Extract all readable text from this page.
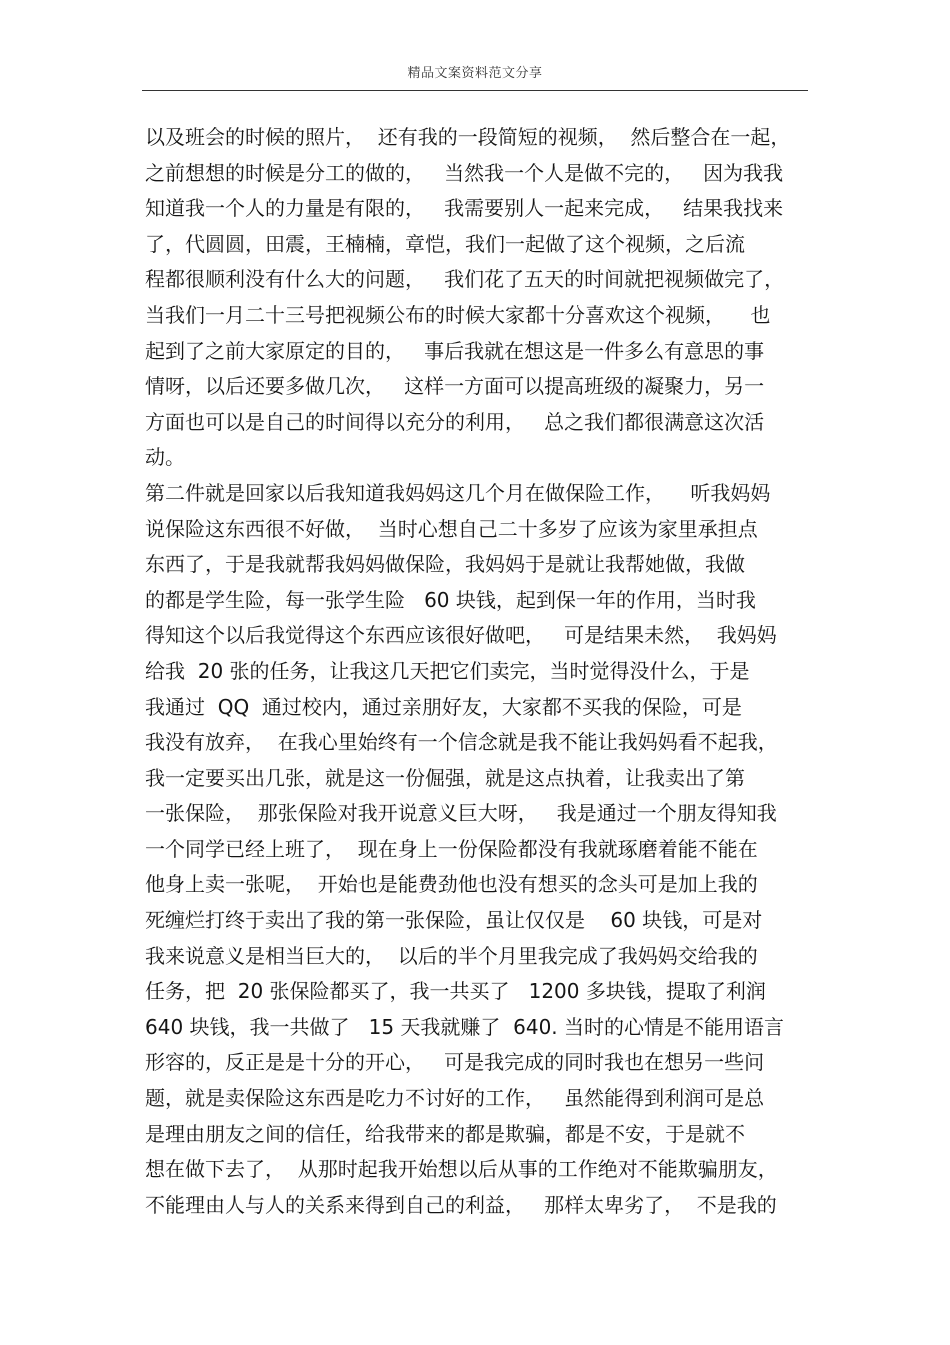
精品文案资料范文分享
以及班会的时候的照片，  还有我的一段简短的视频，  然后整合在一起，
之前想想的时候是分工的做的，   当然我一个人是做不完的，   因为我我
知道我一个人的力量是有限的，   我需要别人一起来完成，   结果我找来
了，代圆圆，田震，王楠楠，章恺，我们一起做了这个视频，之后流
程都很顺利没有什么大的问题，   我们花了五天的时间就把视频做完了，
当我们一月二十三号把视频公布的时候大家都十分喜欢这个视频，    也
起到了之前大家原定的目的，   事后我就在想这是一件多么有意思的事
情呀，以后还要多做几次，   这样一方面可以提高班级的凝聚力，另一
方面也可以是自己的时间得以充分的利用，   总之我们都很满意这次活
动。
第二件就是回家以后我知道我妈妈这几个月在做保险工作，    听我妈妈
说保险这东西很不好做，  当时心想自己二十多岁了应该为家里承担点
东西了，于是我就帮我妈妈做保险，我妈妈于是就让我帮她做，我做
的都是学生险，每一张学生险   60 块钱，起到保一年的作用，当时我
得知这个以后我觉得这个东西应该很好做吧，   可是结果未然，  我妈妈
给我  20 张的任务，让我这几天把它们卖完，当时觉得没什么，于是
我通过  QQ  通过校内，通过亲朋好友，大家都不买我的保险，可是
我没有放弃，  在我心里始终有一个信念就是我不能让我妈妈看不起我，
我一定要买出几张，就是这一份倔强，就是这点执着，让我卖出了第
一张保险，  那张保险对我开说意义巨大呀，   我是通过一个朋友得知我
一个同学已经上班了，  现在身上一份保险都没有我就琢磨着能不能在
他身上卖一张呢，  开始也是能费劲他也没有想买的念头可是加上我的
死缠烂打终于卖出了我的第一张保险，虽让仅仅是    60 块钱，可是对
我来说意义是相当巨大的，  以后的半个月里我完成了我妈妈交给我的
任务，把  20 张保险都买了，我一共买了   1200 多块钱，提取了利润
640 块钱，我一共做了   15 天我就赚了  640. 当时的心情是不能用语言
形容的，反正是是十分的开心，   可是我完成的同时我也在想另一些问
题，就是卖保险这东西是吃力不讨好的工作，   虽然能得到利润可是总
是理由朋友之间的信任，给我带来的都是欺骗，都是不安，于是就不
想在做下去了，  从那时起我开始想以后从事的工作绝对不能欺骗朋友，
不能理由人与人的关系来得到自己的利益，   那样太卑劣了，  不是我的
